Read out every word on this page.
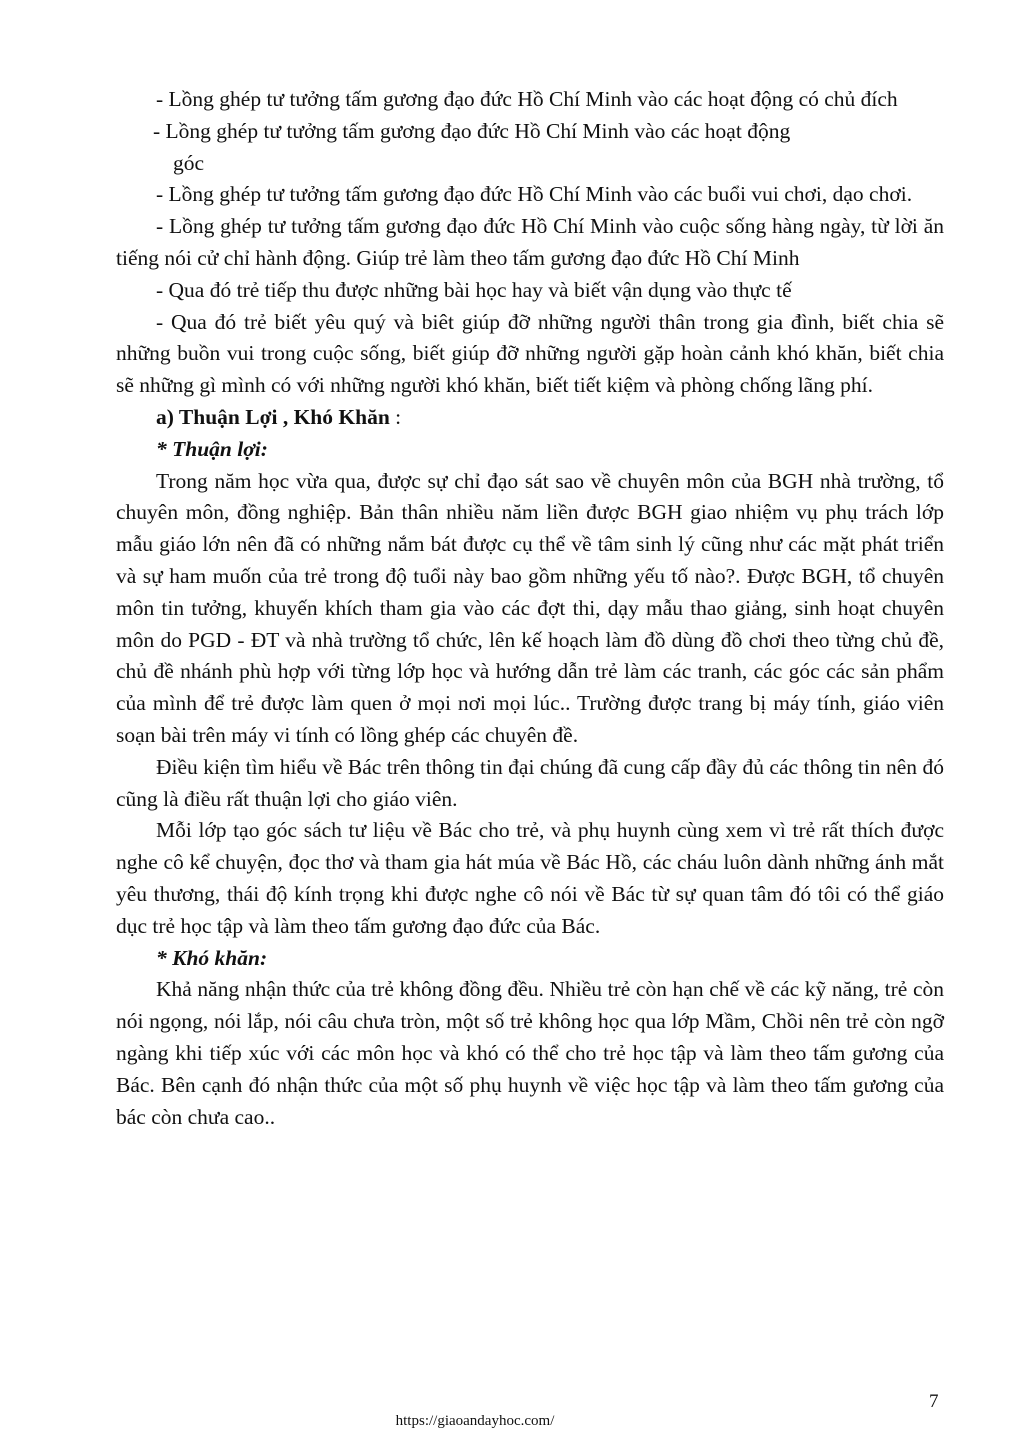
- Lồng ghép tư tưởng tấm gương đạo đức Hồ Chí Minh vào các hoạt động có chủ đích

- Lồng ghép tư tưởng tấm gương đạo đức Hồ Chí Minh vào các hoạt động
góc

- Lồng ghép tư tưởng tấm gương đạo đức Hồ Chí Minh vào các buổi vui chơi, dạo chơi.

- Lồng ghép tư tưởng tấm gương đạo đức Hồ Chí Minh vào cuộc sống hàng ngày, từ lời ăn tiếng nói cử chỉ hành động. Giúp trẻ làm theo tấm gương đạo đức Hồ Chí Minh

- Qua đó trẻ tiếp thu được những bài học hay và biết vận dụng vào thực tế

- Qua đó trẻ biết yêu quý và biêt giúp đỡ những người thân trong gia đình, biết chia sẽ những buồn vui trong cuộc sống, biết giúp đỡ những người gặp hoàn cảnh khó khăn, biết chia sẽ những gì mình có với những người khó khăn, biết tiết kiệm và phòng chống lãng phí.

a) Thuận Lợi , Khó Khăn :

* Thuận lợi:

Trong năm học vừa qua, được sự chỉ đạo sát sao về chuyên môn của BGH nhà trường, tổ chuyên môn, đồng nghiệp. Bản thân nhiều năm liền được BGH giao nhiệm vụ phụ trách lớp mẫu giáo lớn nên đã có những nắm bát được cụ thể về tâm sinh lý cũng như các mặt phát triển và sự ham muốn của trẻ trong độ tuổi này bao gồm những yếu tố nào?. Được BGH, tổ chuyên môn tin tưởng, khuyến khích tham gia vào các đợt thi, dạy mẫu thao giảng, sinh hoạt chuyên môn do PGD - ĐT và nhà trường tổ chức, lên kế hoạch làm đồ dùng đồ chơi theo từng chủ đề, chủ đề nhánh phù hợp với từng lớp học và hướng dẫn trẻ làm các tranh, các góc các sản phẩm của mình để trẻ được làm quen ở mọi nơi mọi lúc.. Trường được trang bị máy tính, giáo viên soạn bài trên máy vi tính có lồng ghép các chuyên đề.

Điều kiện tìm hiểu về Bác trên thông tin đại chúng đã cung cấp đầy đủ các thông tin nên đó cũng là điều rất thuận lợi cho giáo viên.

Mỗi lớp tạo góc sách tư liệu về Bác cho trẻ, và phụ huynh cùng xem vì trẻ rất thích được nghe cô kể chuyện, đọc thơ và tham gia hát múa về Bác Hồ, các cháu luôn dành những ánh mắt yêu thương, thái độ kính trọng khi được nghe cô nói về Bác từ sự quan tâm đó tôi có thể giáo dục trẻ học tập và làm theo tấm gương đạo đức của Bác.

* Khó khăn:

Khả năng nhận thức của trẻ không đồng đều. Nhiều trẻ còn hạn chế về các kỹ năng, trẻ còn nói ngọng, nói lắp, nói câu chưa tròn, một số trẻ không học qua lớp Mầm, Chồi nên trẻ còn ngỡ ngàng khi tiếp xúc với các môn học và khó có thể cho trẻ học tập và làm theo tấm gương của Bác. Bên cạnh đó nhận thức của một số phụ huynh về việc học tập và làm theo tấm gương của bác còn chưa cao..

7
https://giaoandayhoc.com/
